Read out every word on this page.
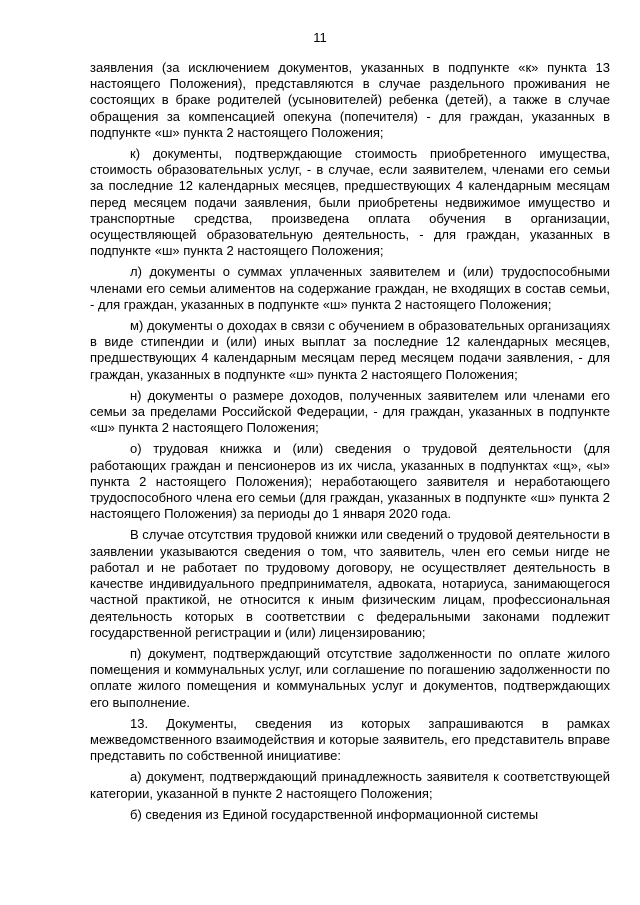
11

заявления (за исключением документов, указанных в подпункте «к» пункта 13 настоящего Положения), представляются в случае раздельного проживания не состоящих в браке родителей (усыновителей) ребенка (детей), а также в случае обращения за компенсацией опекуна (попечителя) - для граждан, указанных в подпункте «ш» пункта 2 настоящего Положения;

к) документы, подтверждающие стоимость приобретенного имущества, стоимость образовательных услуг, - в случае, если заявителем, членами его семьи за последние 12 календарных месяцев, предшествующих 4 календарным месяцам перед месяцем подачи заявления, были приобретены недвижимое имущество и транспортные средства, произведена оплата обучения в организации, осуществляющей образовательную деятельность, - для граждан, указанных в подпункте «ш» пункта 2 настоящего Положения;

л) документы о суммах уплаченных заявителем и (или) трудоспособными членами его семьи алиментов на содержание граждан, не входящих в состав семьи, - для граждан, указанных в подпункте «ш» пункта 2 настоящего Положения;

м) документы о доходах в связи с обучением в образовательных организациях в виде стипендии и (или) иных выплат за последние 12 календарных месяцев, предшествующих 4 календарным месяцам перед месяцем подачи заявления, - для граждан, указанных в подпункте «ш» пункта 2 настоящего Положения;

н) документы о размере доходов, полученных заявителем или членами его семьи за пределами Российской Федерации, - для граждан, указанных в подпункте «ш» пункта 2 настоящего Положения;

о) трудовая книжка и (или) сведения о трудовой деятельности (для работающих граждан и пенсионеров из их числа, указанных в подпунктах «щ», «ы» пункта 2 настоящего Положения); неработающего заявителя и неработающего трудоспособного члена его семьи (для граждан, указанных в подпункте «ш» пункта 2 настоящего Положения) за периоды до 1 января 2020 года.

В случае отсутствия трудовой книжки или сведений о трудовой деятельности в заявлении указываются сведения о том, что заявитель, член его семьи нигде не работал и не работает по трудовому договору, не осуществляет деятельность в качестве индивидуального предпринимателя, адвоката, нотариуса, занимающегося частной практикой, не относится к иным физическим лицам, профессиональная деятельность которых в соответствии с федеральными законами подлежит государственной регистрации и (или) лицензированию;

п) документ, подтверждающий отсутствие задолженности по оплате жилого помещения и коммунальных услуг, или соглашение по погашению задолженности по оплате жилого помещения и коммунальных услуг и документов, подтверждающих его выполнение.

13. Документы, сведения из которых запрашиваются в рамках межведомственного взаимодействия и которые заявитель, его представитель вправе представить по собственной инициативе:

а) документ, подтверждающий принадлежность заявителя к соответствующей категории, указанной в пункте 2 настоящего Положения;

б) сведения из Единой государственной информационной системы
